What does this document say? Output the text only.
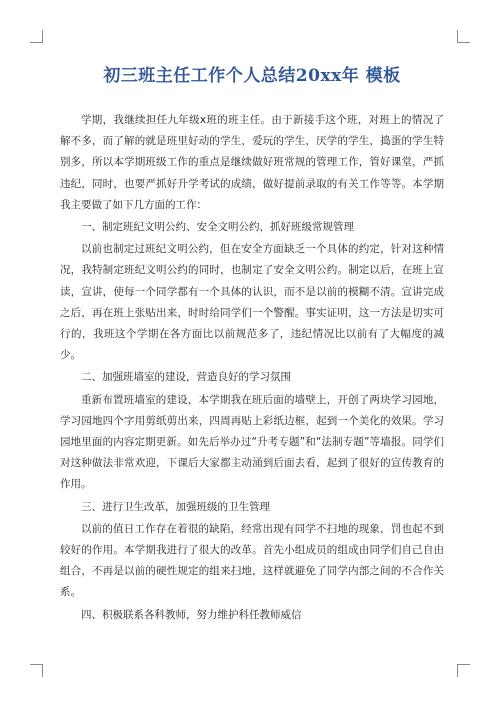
初三班主任工作个人总结20xx年 模板

学期，我继续担任九年级x班的班主任。由于新接手这个班，对班上的情况了解不多，而了解的就是班里好动的学生，爱玩的学生，厌学的学生，捣蛋的学生特别多，所以本学期班级工作的重点是继续做好班常规的管理工作，管好课堂，严抓违纪，同时，也要严抓好升学考试的成绩，做好提前录取的有关工作等等。本学期我主要做了如下几方面的工作：

一、制定班纪文明公约、安全文明公约，抓好班级常规管理

以前也制定过班纪文明公约，但在安全方面缺乏一个具体的约定，针对这种情况，我特制定班纪文明公约的同时，也制定了安全文明公约。制定以后，在班上宣读，宣讲，使每一个同学都有一个具体的认识，而不是以前的模糊不清。宣讲完成之后，再在班上张贴出来，时时给同学们一个警醒。事实证明，这一方法是切实可行的，我班这个学期在各方面比以前规范多了，违纪情况比以前有了大幅度的减少。

二、加强班墙室的建设，营造良好的学习氛围

重新布置班墙室的建设，本学期我在班后面的墙壁上，开创了两块学习园地，学习园地四个字用剪纸剪出来，四周再贴上彩纸边框，起到一个美化的效果。学习园地里面的内容定期更新。如先后举办过“升考专题”和“法制专题”等墙报。同学们对这种做法非常欢迎，下课后大家都主动涌到后面去看，起到了很好的宣传教育的作用。

三、进行卫生改革，加强班级的卫生管理

以前的值日工作存在着很的缺陷，经常出现有同学不扫地的现象，罚也起不到较好的作用。本学期我进行了很大的改革。首先小组成员的组成由同学们自己自由组合，不再是以前的硬性规定的组来扫地，这样就避免了同学内部之间的不合作关系。

四、积极联系各科教师，努力维护科任教师威信
